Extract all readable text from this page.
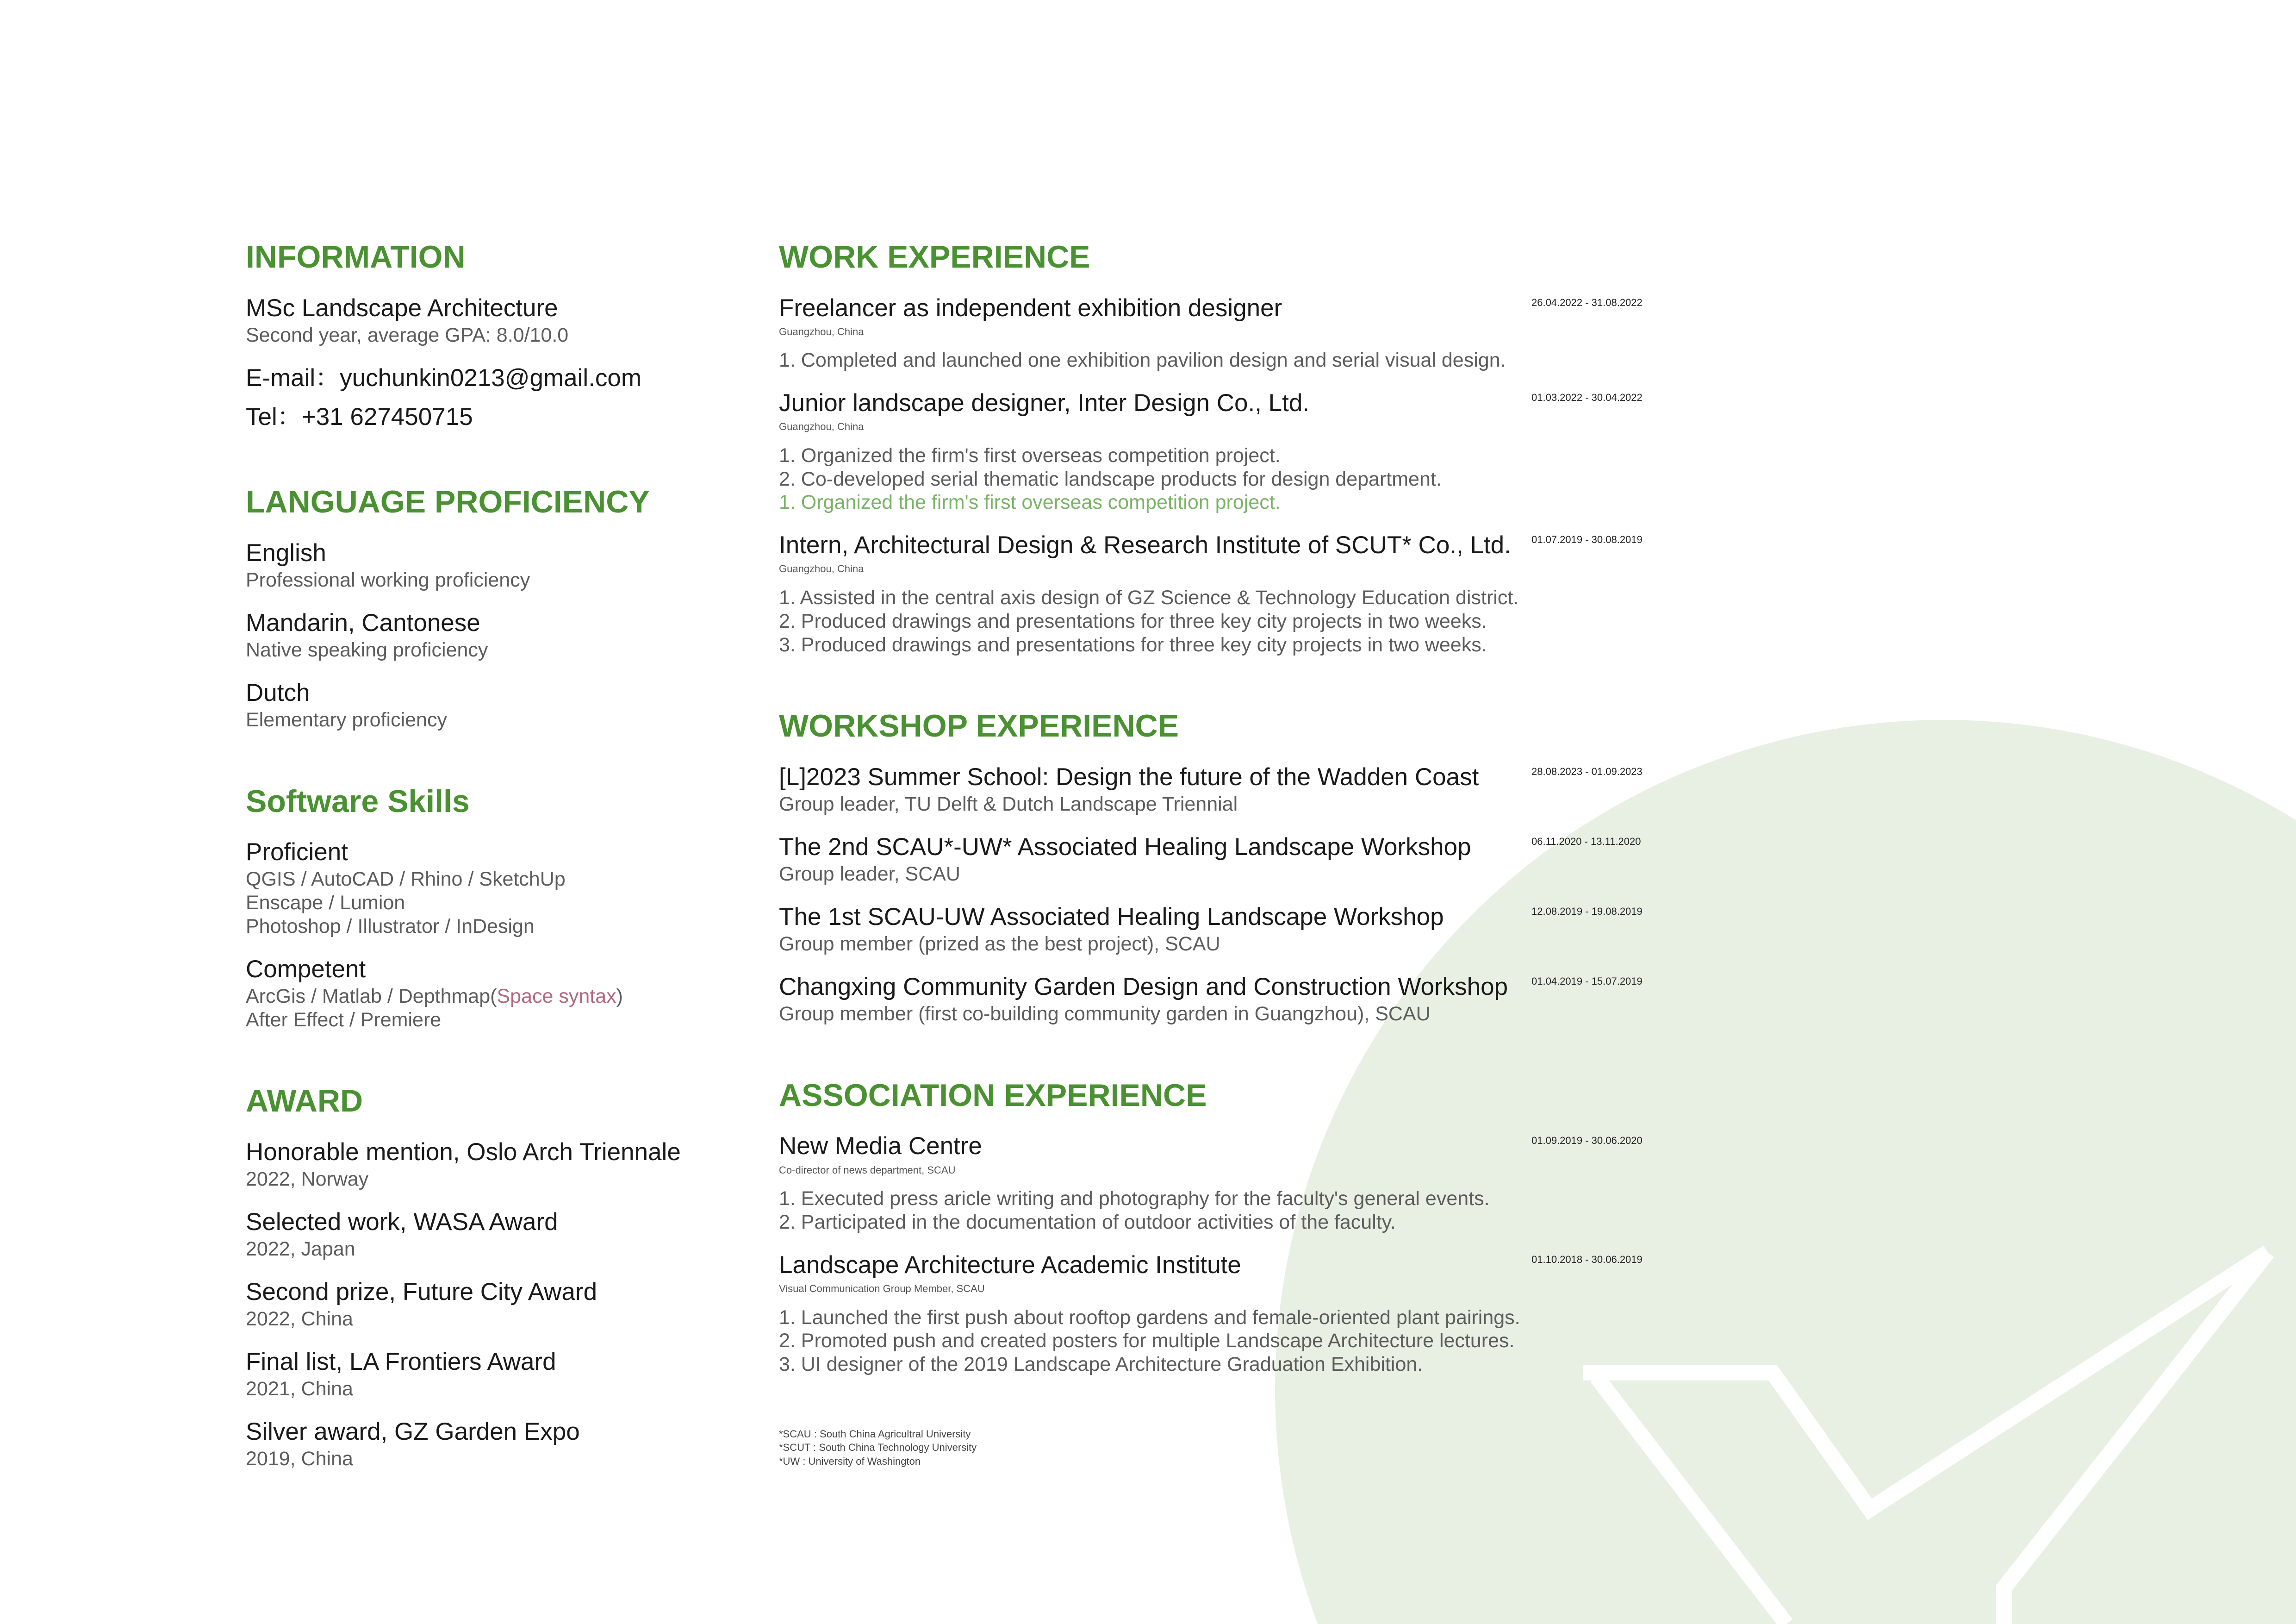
INFORMATION
MSc Landscape Architecture
Second year, average GPA: 8.0/10.0
E-mail：yuchunkin0213@gmail.com
Tel：+31 627450715
LANGUAGE PROFICIENCY
English
Professional working proficiency
Mandarin, Cantonese
Native speaking proficiency
Dutch
Elementary proficiency
Software Skills
Proficient
QGIS / AutoCAD / Rhino / SketchUp
Enscape / Lumion
Photoshop / Illustrator / InDesign
Competent
ArcGis / Matlab / Depthmap(Space syntax)
After Effect / Premiere
AWARD
Honorable mention, Oslo Arch Triennale
2022, Norway
Selected work, WASA Award
2022, Japan
Second prize, Future City Award
2022, China
Final list, LA Frontiers Award
2021, China
Silver award, GZ Garden Expo
2019, China
WORK EXPERIENCE
Freelancer as independent exhibition designer	26.04.2022 - 31.08.2022
Guangzhou, China
1. Completed and launched one exhibition pavilion design and serial visual design.
Junior landscape designer, Inter Design Co., Ltd.	01.03.2022 - 30.04.2022
Guangzhou, China
1. Organized the firm's first overseas competition project.
2. Co-developed serial thematic landscape products for design department.
1. Organized the firm's first overseas competition project.
Intern, Architectural Design & Research Institute of SCUT* Co., Ltd.	01.07.2019 - 30.08.2019
Guangzhou, China
1. Assisted in the central axis design of GZ Science & Technology Education district.
2. Produced drawings and presentations for three key city projects in two weeks.
3. Produced drawings and presentations for three key city projects in two weeks.
WORKSHOP EXPERIENCE
[L]2023 Summer School: Design the future of the Wadden Coast	28.08.2023 - 01.09.2023
Group leader, TU Delft & Dutch Landscape Triennial
The 2nd SCAU*-UW* Associated Healing Landscape Workshop	06.11.2020 - 13.11.2020
Group leader, SCAU
The 1st SCAU-UW Associated Healing Landscape Workshop	12.08.2019 - 19.08.2019
Group member (prized as the best project), SCAU
Changxing Community Garden Design and Construction Workshop	01.04.2019 - 15.07.2019
Group member (first co-building community garden in Guangzhou), SCAU
ASSOCIATION EXPERIENCE
New Media Centre	01.09.2019 - 30.06.2020
Co-director of news department, SCAU
1. Executed press aricle writing and photography for the faculty's general events.
2. Participated in the documentation of outdoor activities of the faculty.
Landscape Architecture Academic Institute	01.10.2018 - 30.06.2019
Visual Communication Group Member, SCAU
1. Launched the first push about rooftop gardens and female-oriented plant pairings.
2. Promoted push and created posters for multiple Landscape Architecture lectures.
3. UI designer of the 2019 Landscape Architecture Graduation Exhibition.
*SCAU : South China Agricultral University
*SCUT : South China Technology University
*UW : University of Washington
